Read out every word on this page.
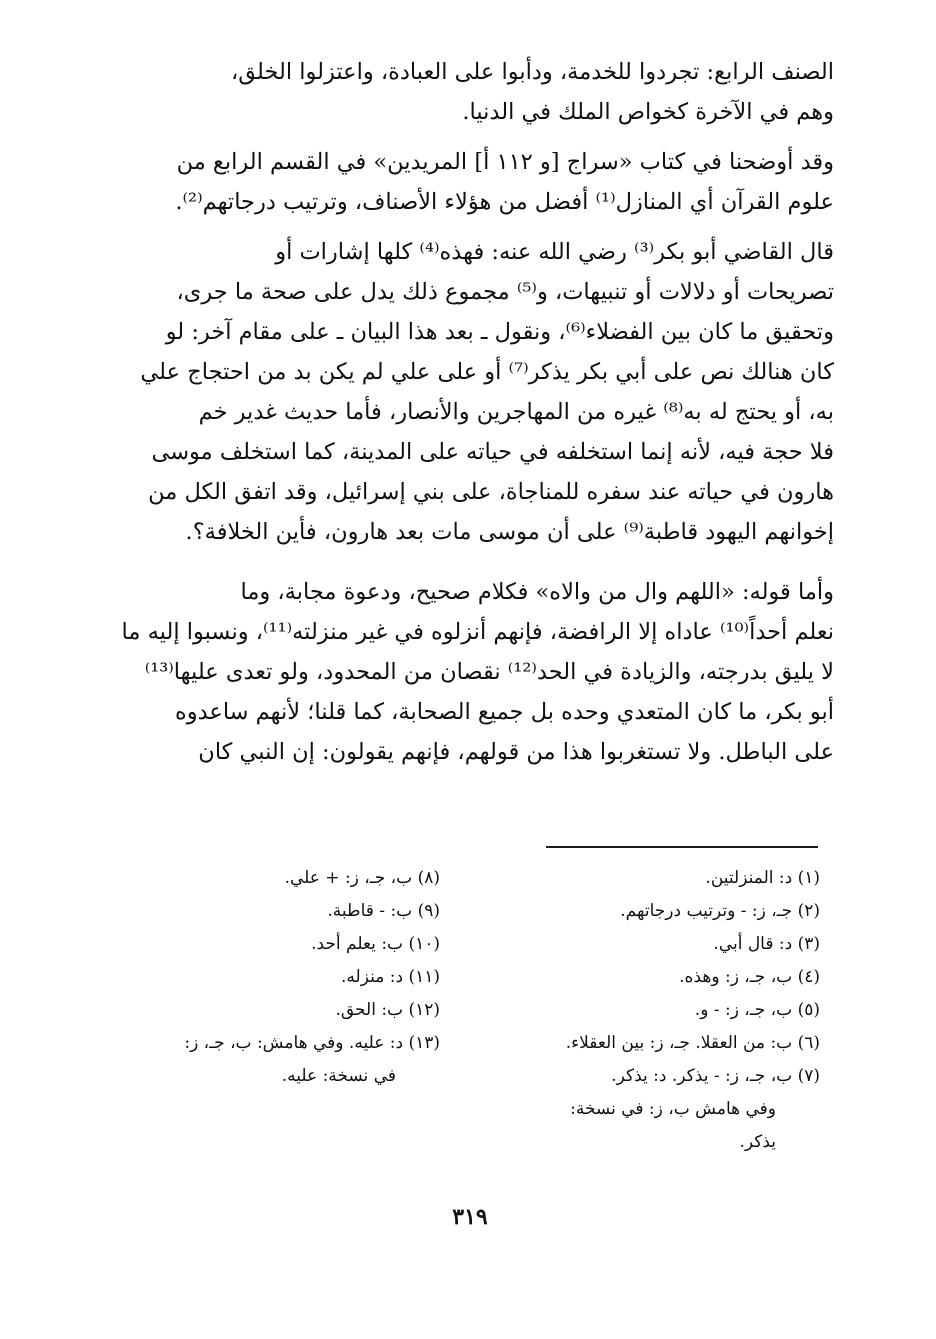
الصنف الرابع: تجردوا للخدمة، ودأبوا على العبادة، واعتزلوا الخلق،
وهم في الآخرة كخواص الملك في الدنيا.

وقد أوضحنا في كتاب «سراج [و ١١٢ أ] المريدين» في القسم الرابع من
علوم القرآن أي المنازل⁽¹⁾ أفضل من هؤلاء الأصناف، وترتيب درجاتهم⁽²⁾.

قال القاضي أبو بكر⁽³⁾ رضي الله عنه: فهذه⁽⁴⁾ كلها إشارات أو
تصريحات أو دلالات أو تنبيهات، و⁽⁵⁾ مجموع ذلك يدل على صحة ما جرى،
وتحقيق ما كان بين الفضلاء⁽⁶⁾، ونقول ـ بعد هذا البيان ـ على مقام آخر: لو
كان هنالك نص على أبي بكر يذكر⁽⁷⁾ أو على علي لم يكن بد من احتجاج علي
به، أو يحتج له به⁽⁸⁾ غيره من المهاجرين والأنصار، فأما حديث غدير خم
فلا حجة فيه، لأنه إنما استخلفه في حياته على المدينة، كما استخلف موسى
هارون في حياته عند سفره للمناجاة، على بني إسرائيل، وقد اتفق الكل من
إخوانهم اليهود قاطبة⁽⁹⁾ على أن موسى مات بعد هارون، فأين الخلافة؟.

وأما قوله: «اللهم وال من والاه» فكلام صحيح، ودعوة مجابة، وما
نعلم أحداً⁽¹⁰⁾ عاداه إلا الرافضة، فإنهم أنزلوه في غير منزلته⁽¹¹⁾، ونسبوا إليه ما
لا يليق بدرجته، والزيادة في الحد⁽¹²⁾ نقصان من المحدود، ولو تعدى عليها⁽¹³⁾
أبو بكر، ما كان المتعدي وحده بل جميع الصحابة، كما قلنا؛ لأنهم ساعدوه
على الباطل. ولا تستغربوا هذا من قولهم، فإنهم يقولون: إن النبي كان

(١) د: المنزلتين.
(٢) جـ، ز: - وترتيب درجاتهم.
(٣) د: قال أبي.
(٤) ب، جـ، ز: وهذه.
(٥) ب، جـ، ز: - و.
(٦) ب: من العقلا. جـ، ز: بين العقلاء.
(٧) ب، جـ، ز: - يذكر. د: يذكر.
وفي هامش ب، ز: في نسخة:
يذكر.
(٨) ب، جـ، ز: + علي.
(٩) ب: - قاطبة.
(١٠) ب: يعلم أحد.
(١١) د: منزله.
(١٢) ب: الحق.
(١٣) د: عليه. وفي هامش: ب، جـ، ز:
في نسخة: عليه.
٣١٩
